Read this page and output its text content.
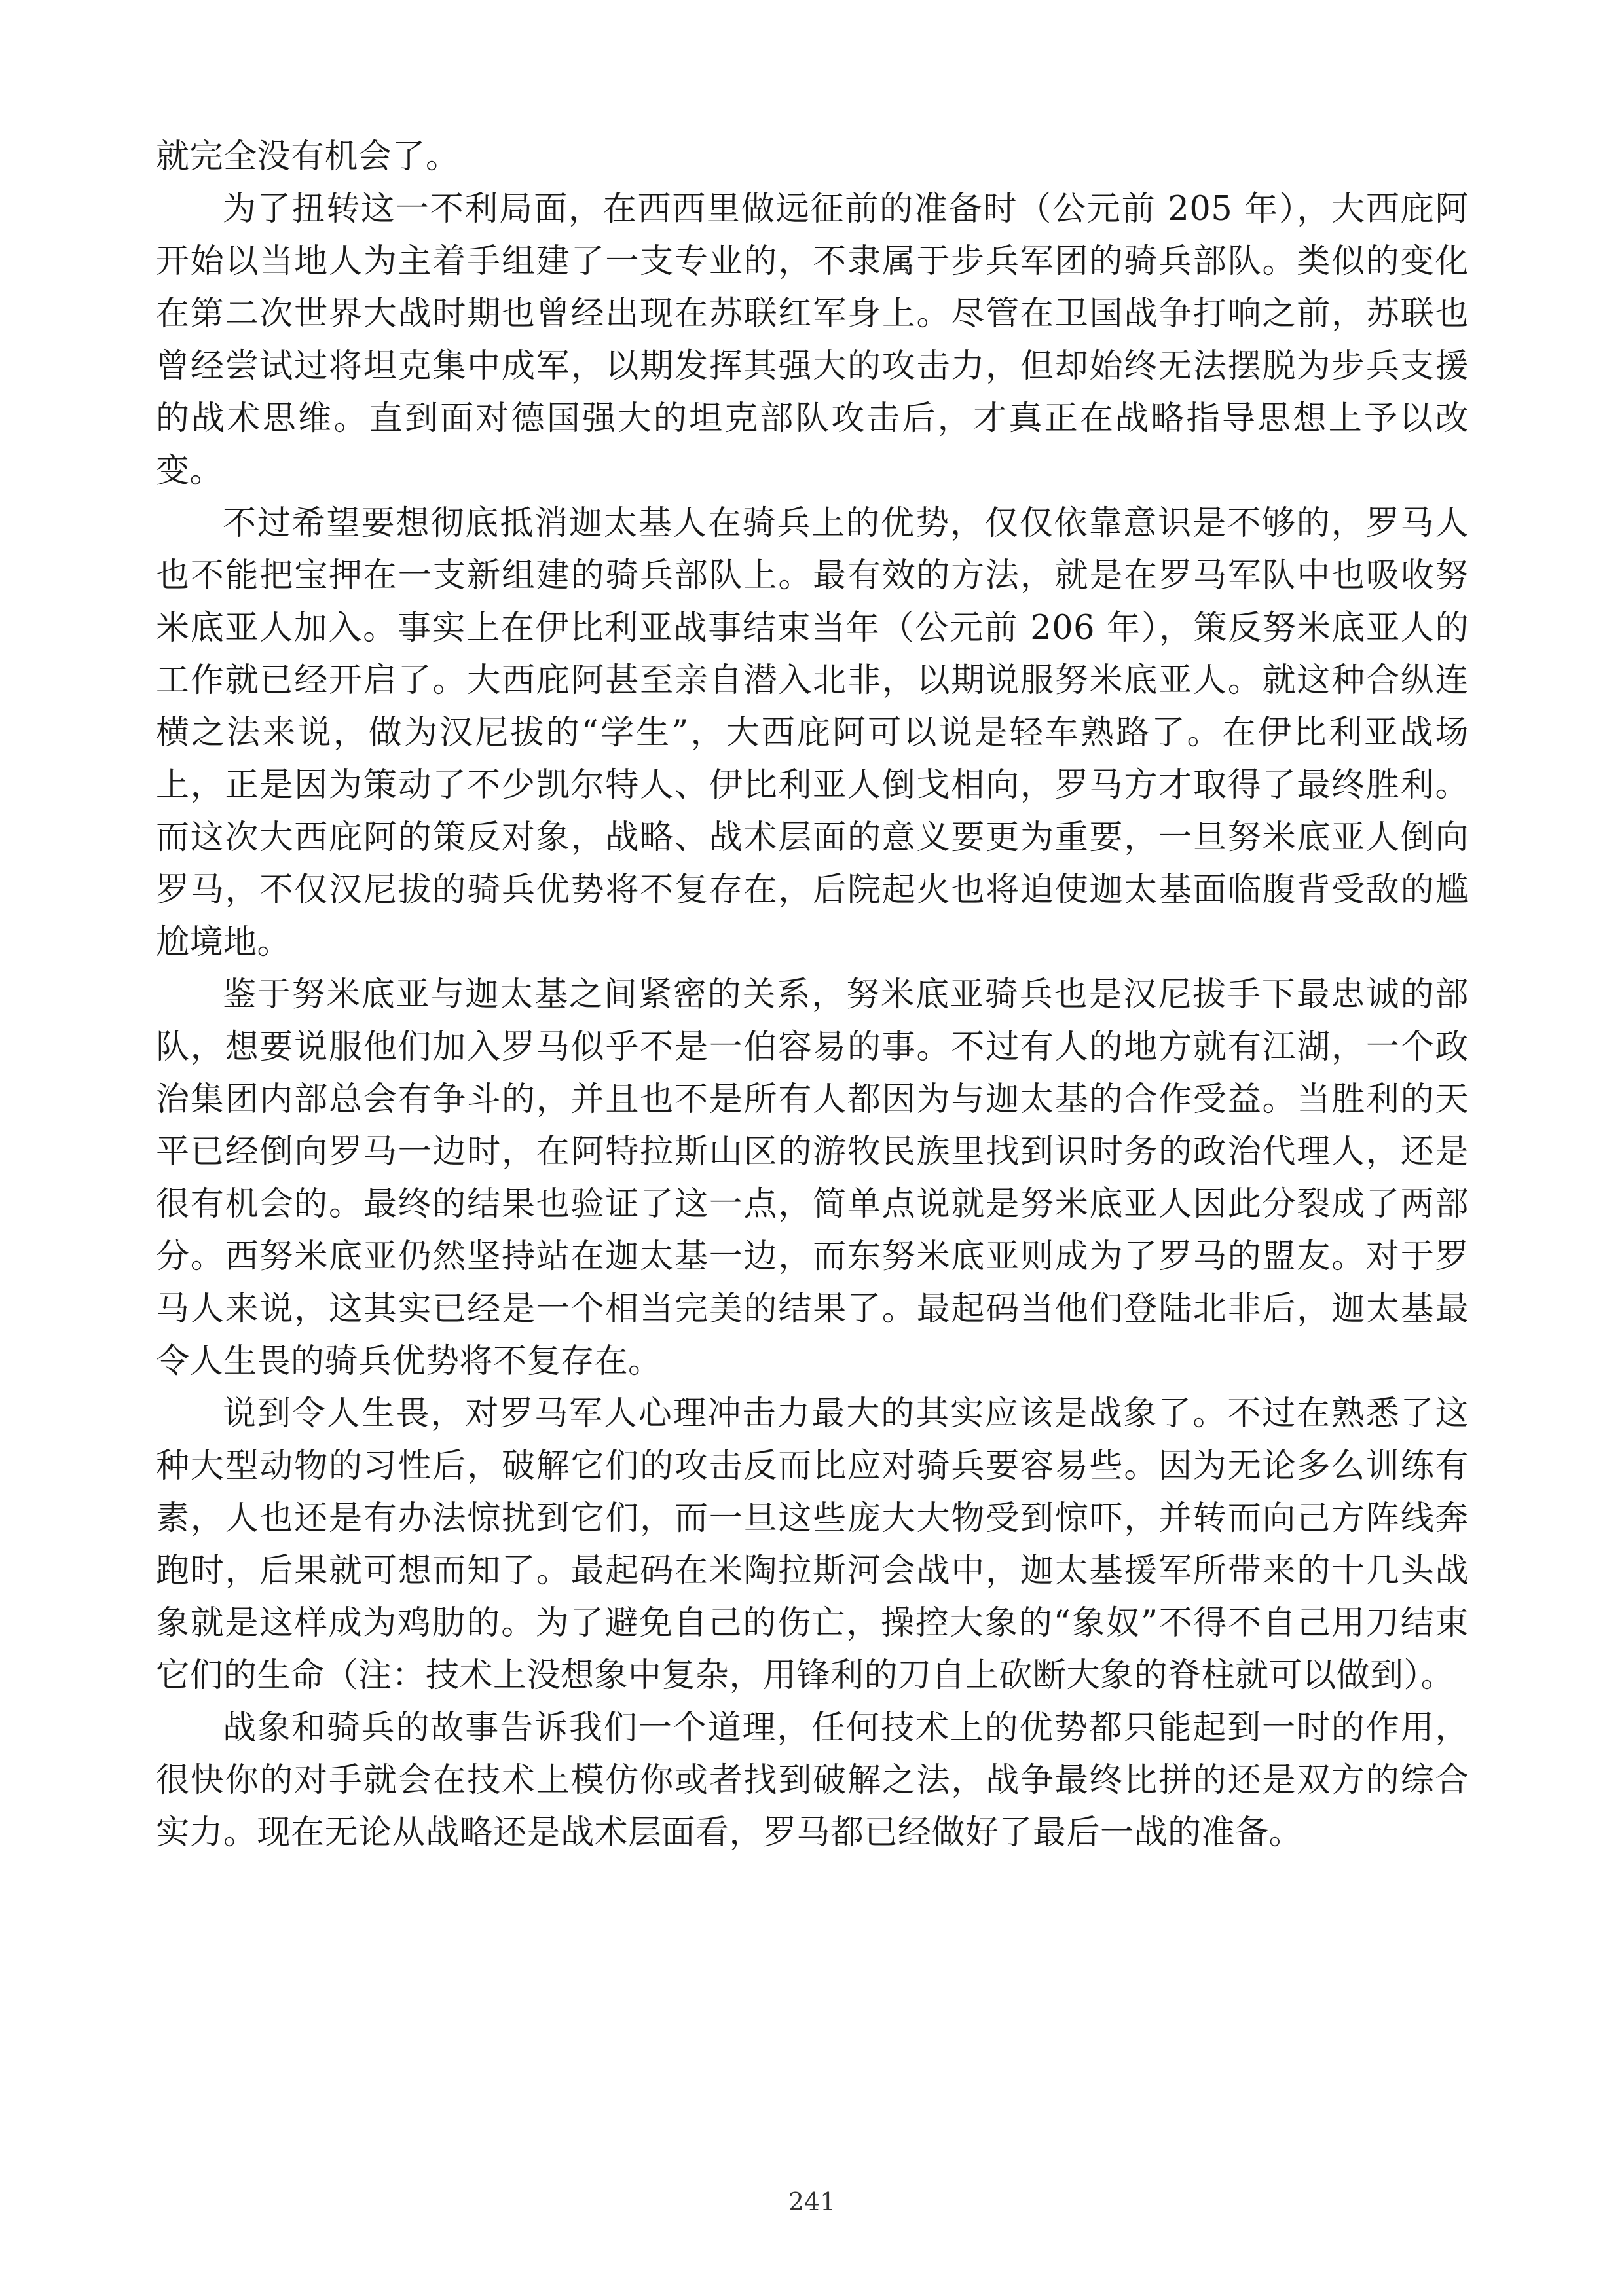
就完全没有机会了。

为了扭转这一不利局面，在西西里做远征前的准备时（公元前 205 年），大西庇阿开始以当地人为主着手组建了一支专业的，不隶属于步兵军团的骑兵部队。类似的变化在第二次世界大战时期也曾经出现在苏联红军身上。尽管在卫国战争打响之前，苏联也曾经尝试过将坦克集中成军，以期发挥其强大的攻击力，但却始终无法摆脱为步兵支援的战术思维。直到面对德国强大的坦克部队攻击后，才真正在战略指导思想上予以改变。

不过希望要想彻底抵消迦太基人在骑兵上的优势，仅仅依靠意识是不够的，罗马人也不能把宝押在一支新组建的骑兵部队上。最有效的方法，就是在罗马军队中也吸收努米底亚人加入。事实上在伊比利亚战事结束当年（公元前 206 年），策反努米底亚人的工作就已经开启了。大西庇阿甚至亲自潜入北非，以期说服努米底亚人。就这种合纵连横之法来说，做为汉尼拔的“学生”，大西庇阿可以说是轻车熟路了。在伊比利亚战场上，正是因为策动了不少凯尔特人、伊比利亚人倒戈相向，罗马方才取得了最终胜利。而这次大西庇阿的策反对象，战略、战术层面的意义要更为重要，一旦努米底亚人倒向罗马，不仅汉尼拔的骑兵优势将不复存在，后院起火也将迫使迦太基面临腹背受敌的尴尬境地。

鉴于努米底亚与迦太基之间紧密的关系，努米底亚骑兵也是汉尼拔手下最忠诚的部队，想要说服他们加入罗马似乎不是一伯容易的事。不过有人的地方就有江湖，一个政治集团内部总会有争斗的，并且也不是所有人都因为与迦太基的合作受益。当胜利的天平已经倒向罗马一边时，在阿特拉斯山区的游牧民族里找到识时务的政治代理人，还是很有机会的。最终的结果也验证了这一点，简单点说就是努米底亚人因此分裂成了两部分。西努米底亚仍然坚持站在迦太基一边，而东努米底亚则成为了罗马的盟友。对于罗马人来说，这其实已经是一个相当完美的结果了。最起码当他们登陆北非后，迦太基最令人生畏的骑兵优势将不复存在。

说到令人生畏，对罗马军人心理冲击力最大的其实应该是战象了。不过在熟悉了这种大型动物的习性后，破解它们的攻击反而比应对骑兵要容易些。因为无论多么训练有素，人也还是有办法惊扰到它们，而一旦这些庞大大物受到惊吓，并转而向己方阵线奔跑时，后果就可想而知了。最起码在米陶拉斯河会战中，迦太基援军所带来的十几头战象就是这样成为鸡肋的。为了避免自己的伤亡，操控大象的“象奴”不得不自己用刀结束它们的生命（注：技术上没想象中复杂，用锋利的刀自上砍断大象的脊柱就可以做到）。

战象和骑兵的故事告诉我们一个道理，任何技术上的优势都只能起到一时的作用，很快你的对手就会在技术上模仿你或者找到破解之法，战争最终比拼的还是双方的综合实力。现在无论从战略还是战术层面看，罗马都已经做好了最后一战的准备。

241
